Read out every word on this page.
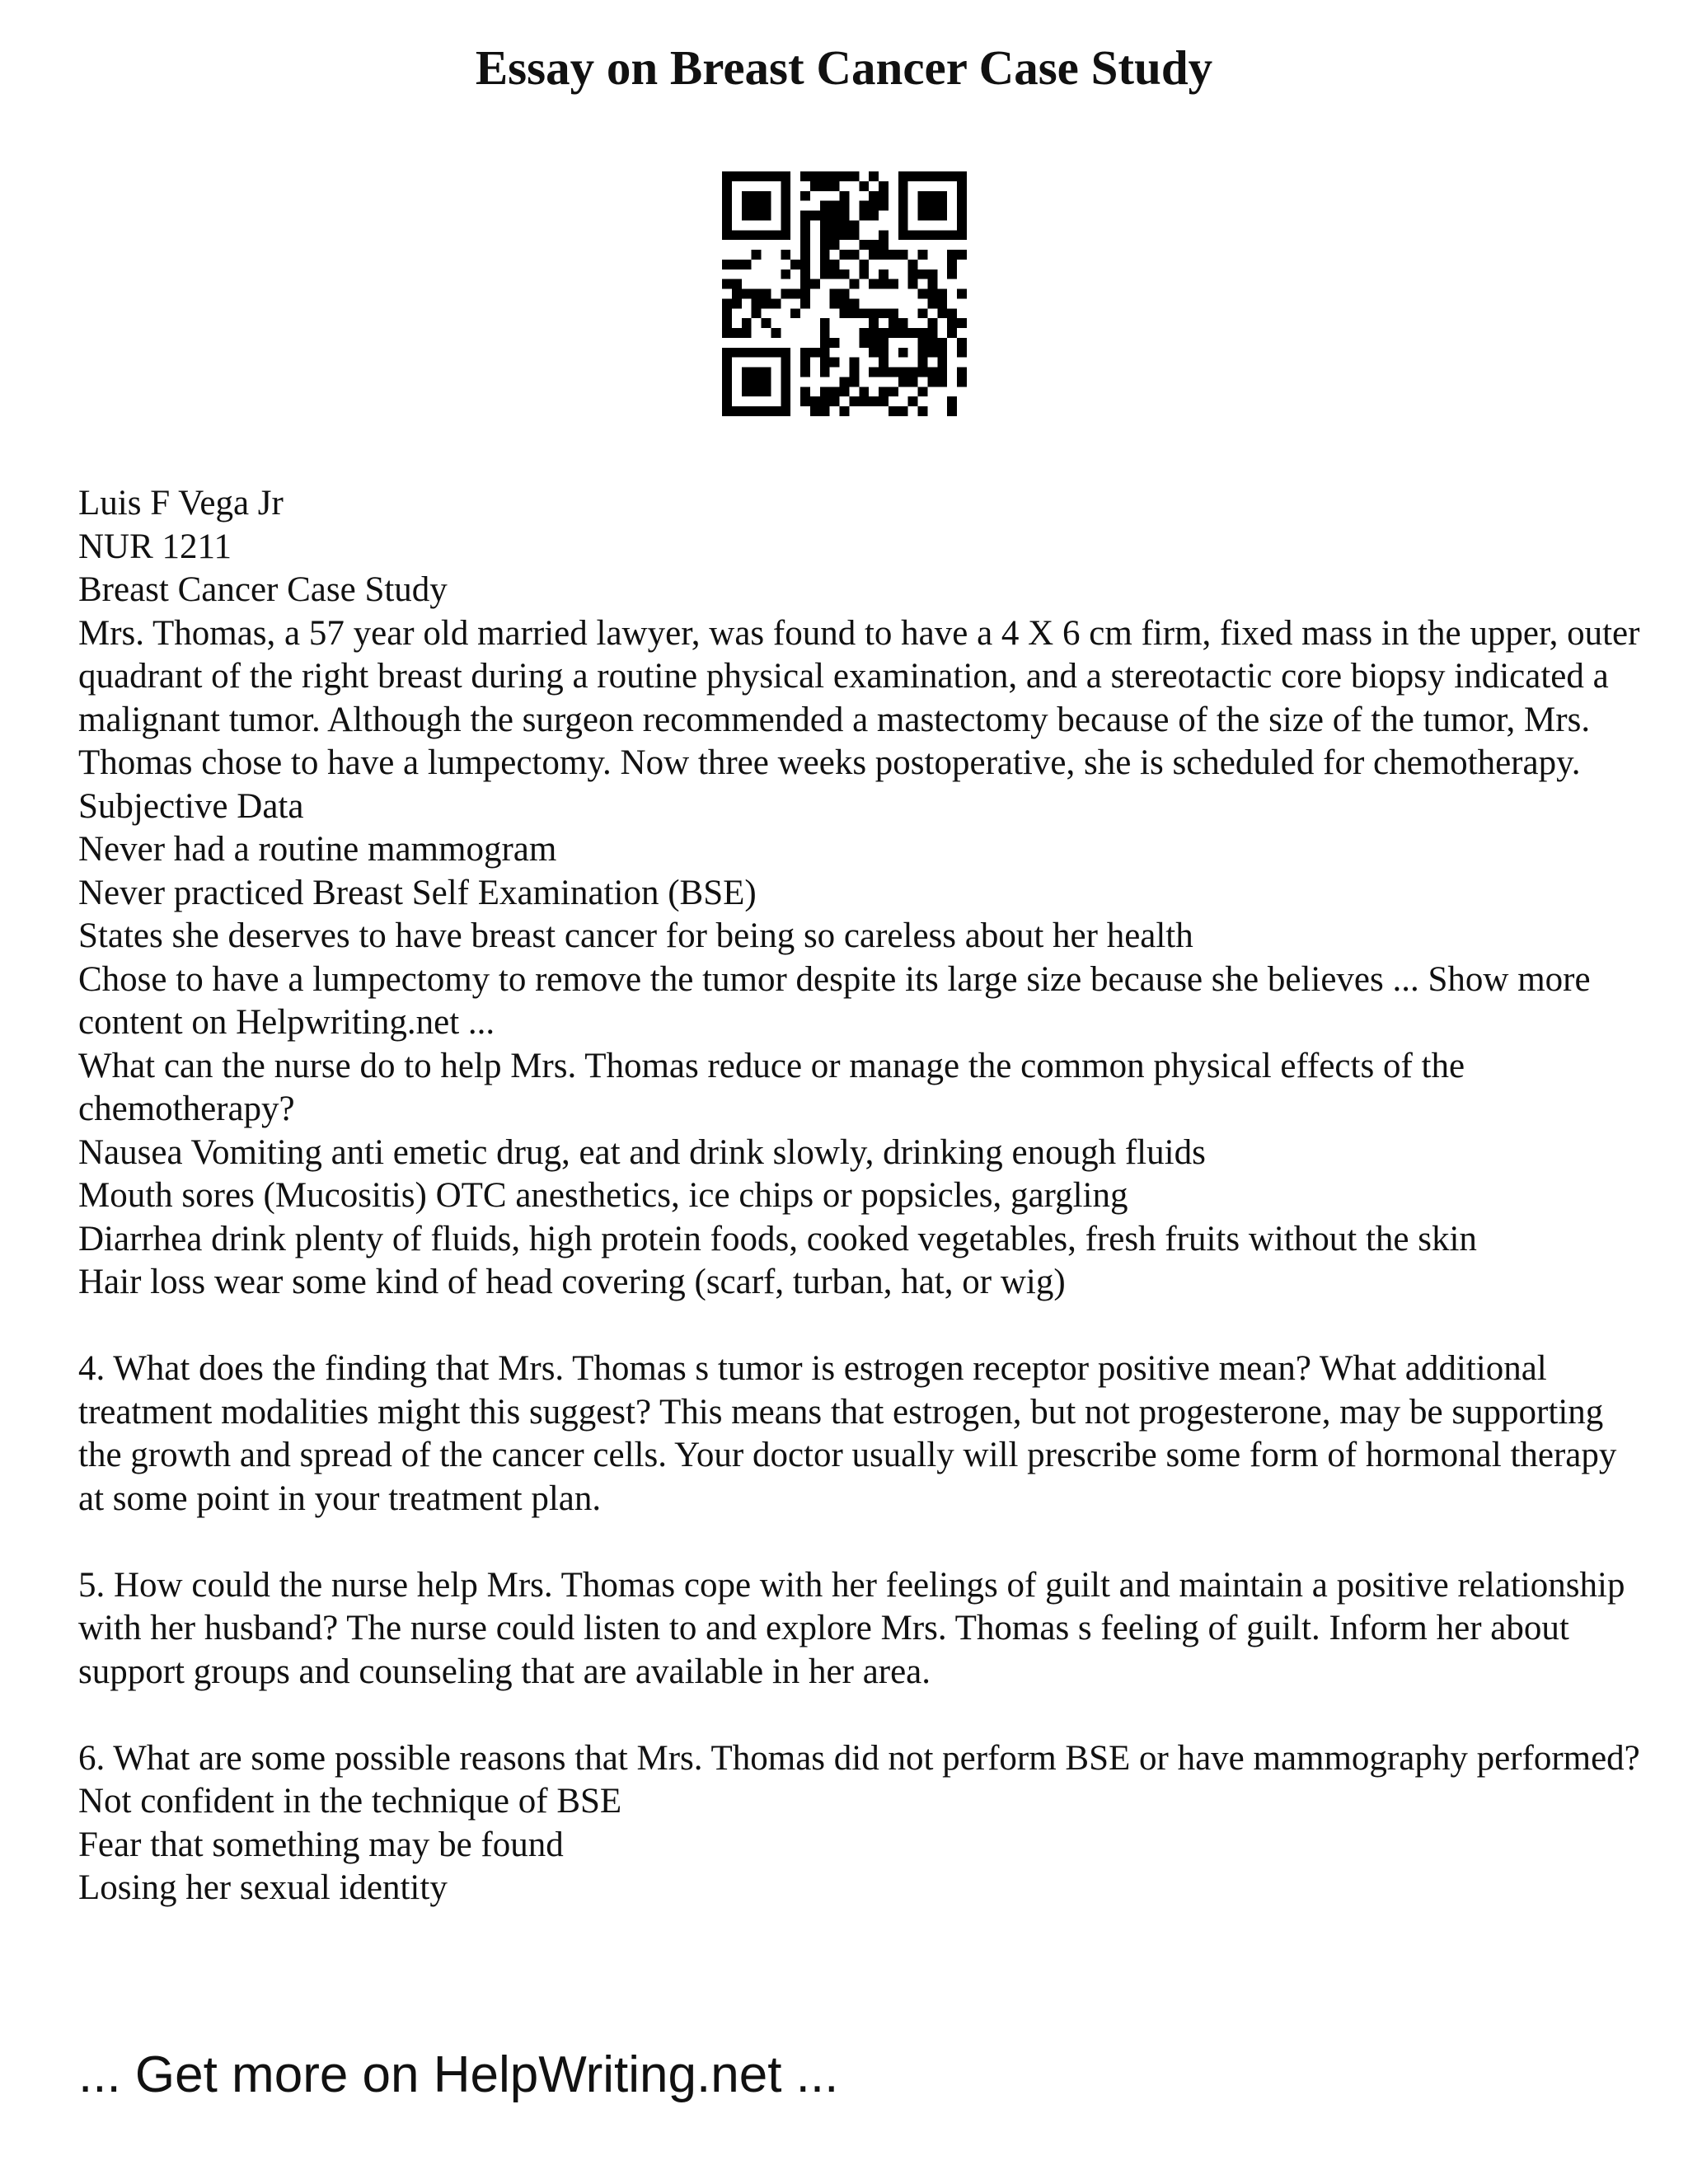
Essay on Breast Cancer Case Study
Luis F Vega Jr
NUR 1211
Breast Cancer Case Study
Mrs. Thomas, a 57 year old married lawyer, was found to have a 4 X 6 cm firm, fixed mass in the upper, outer quadrant of the right breast during a routine physical examination, and a stereotactic core biopsy indicated a malignant tumor. Although the surgeon recommended a mastectomy because of the size of the tumor, Mrs. Thomas chose to have a lumpectomy. Now three weeks postoperative, she is scheduled for chemotherapy.
Subjective Data
Never had a routine mammogram
Never practiced Breast Self Examination (BSE)
States she deserves to have breast cancer for being so careless about her health
Chose to have a lumpectomy to remove the tumor despite its large size because she believes ... Show more content on Helpwriting.net ...
What can the nurse do to help Mrs. Thomas reduce or manage the common physical effects of the chemotherapy?
Nausea Vomiting anti emetic drug, eat and drink slowly, drinking enough fluids
Mouth sores (Mucositis) OTC anesthetics, ice chips or popsicles, gargling
Diarrhea drink plenty of fluids, high protein foods, cooked vegetables, fresh fruits without the skin
Hair loss wear some kind of head covering (scarf, turban, hat, or wig)
4. What does the finding that Mrs. Thomas s tumor is estrogen receptor positive mean? What additional treatment modalities might this suggest? This means that estrogen, but not progesterone, may be supporting the growth and spread of the cancer cells. Your doctor usually will prescribe some form of hormonal therapy at some point in your treatment plan.
5. How could the nurse help Mrs. Thomas cope with her feelings of guilt and maintain a positive relationship with her husband? The nurse could listen to and explore Mrs. Thomas s feeling of guilt. Inform her about support groups and counseling that are available in her area.
6. What are some possible reasons that Mrs. Thomas did not perform BSE or have mammography performed?
Not confident in the technique of BSE
Fear that something may be found
Losing her sexual identity
... Get more on HelpWriting.net ...
